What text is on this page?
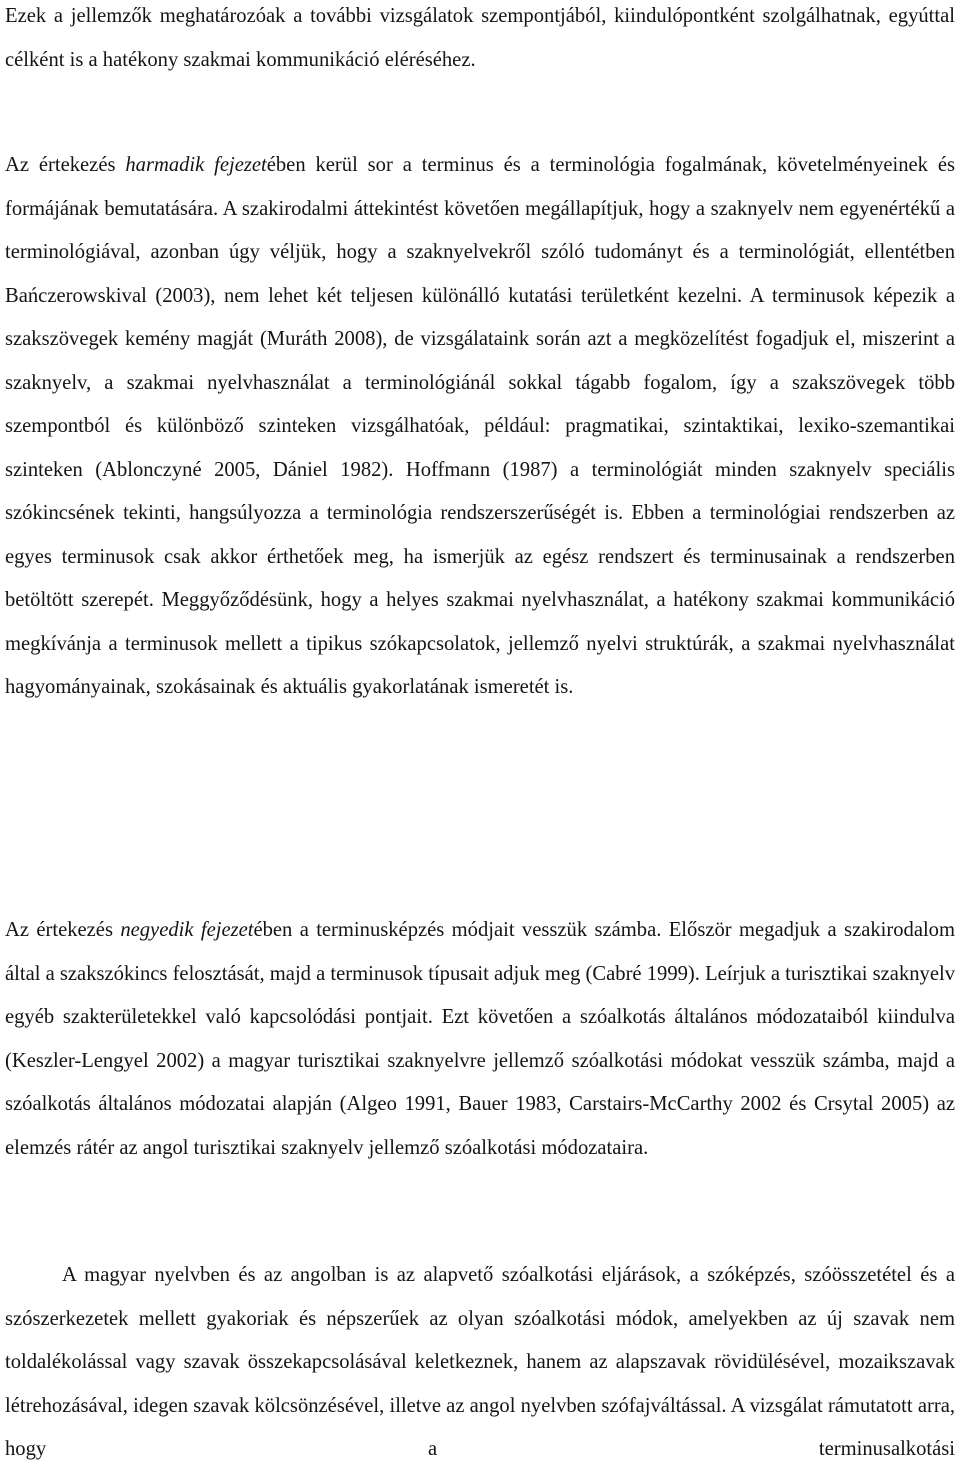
Ezek a jellemzők meghatározóak a további vizsgálatok szempontjából, kiindulópontként szolgálhatnak, egyúttal célként is a hatékony szakmai kommunikáció eléréséhez.

Az értekezés harmadik fejezetében kerül sor a terminus és a terminológia fogalmának, követelményeinek és formájának bemutatására. A szakirodalmi áttekintést követően megállapítjuk, hogy a szaknyelv nem egyenértékű a terminológiával, azonban úgy véljük, hogy a szaknyelvekről szóló tudományt és a terminológiát, ellentétben Bańczerowskival (2003), nem lehet két teljesen különálló kutatási területként kezelni. A terminusok képezik a szakszövegek kemény magját (Muráth 2008), de vizsgálataink során azt a megközelítést fogadjuk el, miszerint a szaknyelv, a szakmai nyelvhasználat a terminológiánál sokkal tágabb fogalom, így a szakszövegek több szempontból és különböző szinteken vizsgálhatóak, például: pragmatikai, szintaktikai, lexiko-szemantikai szinteken (Ablonczyné 2005, Dániel 1982). Hoffmann (1987) a terminológiát minden szaknyelv speciális szókincsének tekinti, hangsúlyozza a terminológia rendszerszerűségét is. Ebben a terminológiai rendszerben az egyes terminusok csak akkor érthetőek meg, ha ismerjük az egész rendszert és terminusainak a rendszerben betöltött szerepét. Meggyőződésünk, hogy a helyes szakmai nyelvhasználat, a hatékony szakmai kommunikáció megkívánja a terminusok mellett a tipikus szókapcsolatok, jellemző nyelvi struktúrák, a szakmai nyelvhasználat hagyományainak, szokásainak és aktuális gyakorlatának ismeretét is.

Az értekezés negyedik fejezetében a terminusképzés módjait vesszük számba. Először megadjuk a szakirodalom által a szakszókincs felosztását, majd a terminusok típusait adjuk meg (Cabré 1999). Leírjuk a turisztikai szaknyelv egyéb szakterületekkel való kapcsolódási pontjait. Ezt követően a szóalkotás általános módozataiból kiindulva (Keszler-Lengyel 2002) a magyar turisztikai szaknyelvre jellemző szóalkotási módokat vesszük számba, majd a szóalkotás általános módozatai alapján (Algeo 1991, Bauer 1983, Carstairs-McCarthy 2002 és Crsytal 2005) az elemzés rátér az angol turisztikai szaknyelv jellemző szóalkotási módozataira.

A magyar nyelvben és az angolban is az alapvető szóalkotási eljárások, a szóképzés, szóösszetétel és a szószerkezetek mellett gyakoriak és népszerűek az olyan szóalkotási módok, amelyekben az új szavak nem toldalékolással vagy szavak összekapcsolásával keletkeznek, hanem az alapszavak rövidülésével, mozaikszavak létrehozásával, idegen szavak kölcsönzésével, illetve az angol nyelvben szófajváltással. A vizsgálat rámutatott arra, hogy a terminusalkotási
